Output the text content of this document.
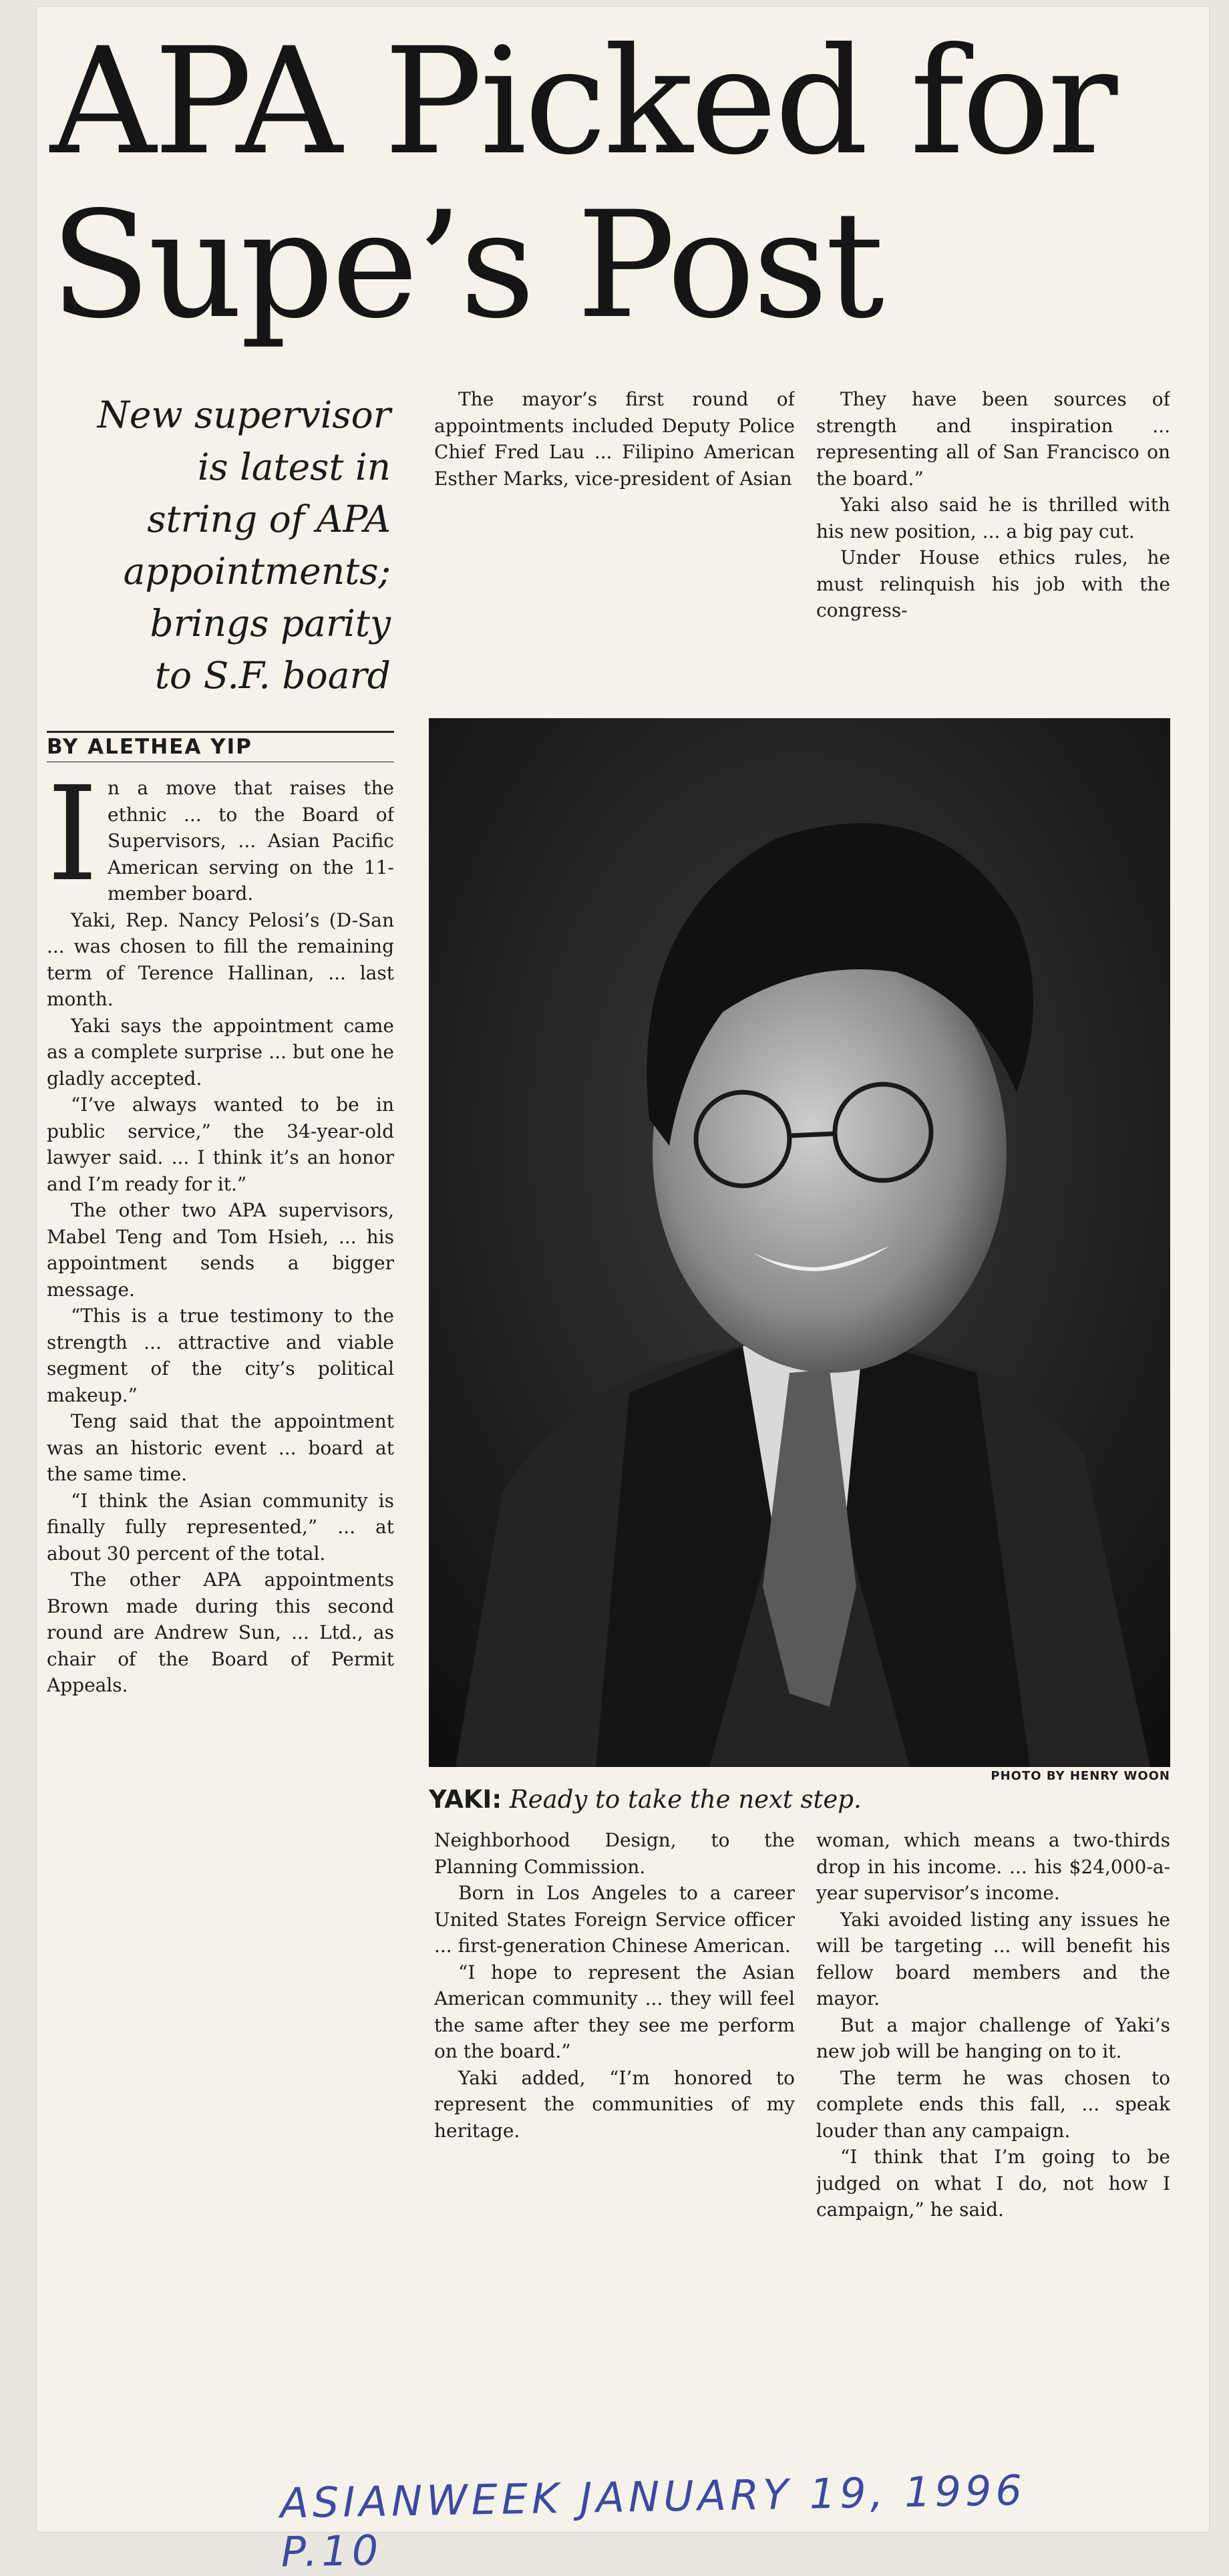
APA Picked for
Supe’s Post
New supervisor
is latest in
string of APA
appointments;
brings parity
to S.F. board
BY ALETHEA YIP
I n a move that raises the ethnic ... to the Board of Supervisors, ... Asian Pacific American serving on the 11-member board.

Yaki, Rep. Nancy Pelosi’s (D-San ... was chosen to fill the remaining term of Terence Hallinan, ... last month.

Yaki says the appointment came as a complete surprise ... but one he gladly accepted.

“I’ve always wanted to be in public service,” the 34-year-old lawyer said. ... I think it’s an honor and I’m ready for it.”

The other two APA supervisors, Mabel Teng and Tom Hsieh, ... his appointment sends a bigger message.

“This is a true testimony to the strength ... attractive and viable segment of the city’s political makeup.”

Teng said that the appointment was an historic event ... board at the same time.

“I think the Asian community is finally fully represented,” ... at about 30 percent of the total.

The other APA appointments Brown made during this second round are Andrew Sun, ... Ltd., as chair of the Board of Permit Appeals.

The mayor’s first round of appointments included Deputy Police Chief Fred Lau ... Filipino American Esther Marks, vice-president of Asian

They have been sources of strength and inspiration ... representing all of San Francisco on the board.”

Yaki also said he is thrilled with his new position, ... a big pay cut.

Under House ethics rules, he must relinquish his job with the congress-

PHOTO BY HENRY WOON
YAKI: Ready to take the next step.

Neighborhood Design, to the Planning Commission.

Born in Los Angeles to a career United States Foreign Service officer ... first-generation Chinese American.

“I hope to represent the Asian American community ... they will feel the same after they see me perform on the board.”

Yaki added, “I’m honored to represent the communities of my heritage.

woman, which means a two-thirds drop in his income. ... his $24,000-a-year supervisor’s income.

Yaki avoided listing any issues he will be targeting ... will benefit his fellow board members and the mayor.

But a major challenge of Yaki’s new job will be hanging on to it.

The term he was chosen to complete ends this fall, ... speak louder than any campaign.

“I think that I’m going to be judged on what I do, not how I campaign,” he said.

ASIANWEEK JANUARY 19, 1996 P.10
